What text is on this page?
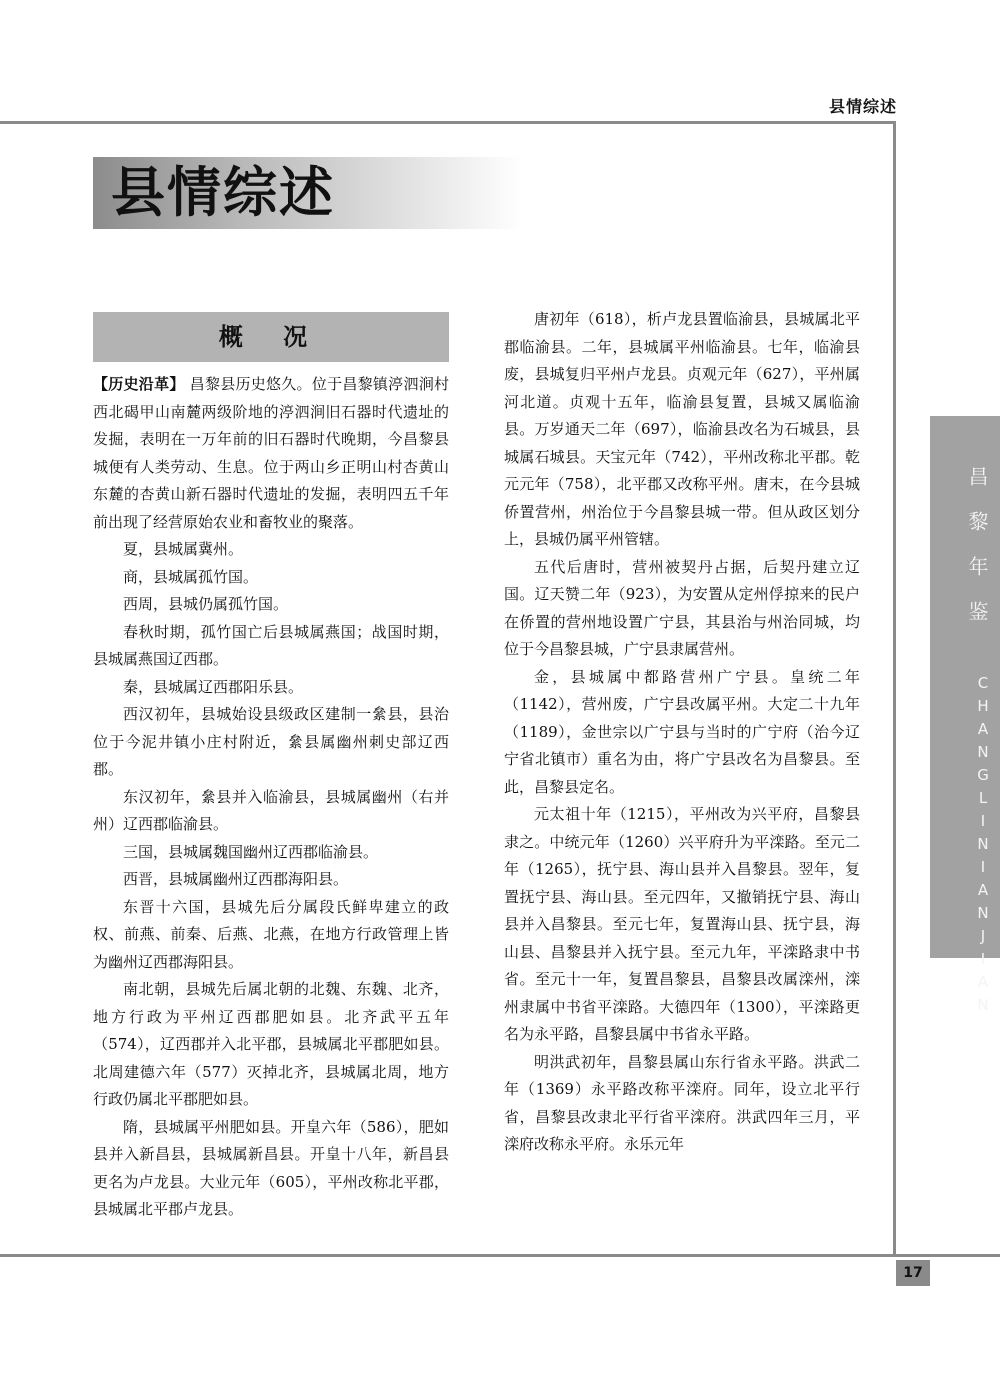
县情综述
县情综述
概 况

【历史沿革】 昌黎县历史悠久。位于昌黎镇渟泗涧村西北碣甲山南麓两级阶地的渟泗涧旧石器时代遗址的发掘，表明在一万年前的旧石器时代晚期，今昌黎县城便有人类劳动、生息。位于两山乡正明山村杏黄山东麓的杏黄山新石器时代遗址的发掘，表明四五千年前出现了经营原始农业和畜牧业的聚落。

夏，县城属冀州。

商，县城属孤竹国。

西周，县城仍属孤竹国。

春秋时期，孤竹国亡后县城属燕国；战国时期，县城属燕国辽西郡。

秦，县城属辽西郡阳乐县。

西汉初年，县城始设县级政区建制一絫县，县治位于今泥井镇小庄村附近，絫县属幽州刺史部辽西郡。

东汉初年，絫县并入临渝县，县城属幽州（右并州）辽西郡临渝县。

三国，县城属魏国幽州辽西郡临渝县。

西晋，县城属幽州辽西郡海阳县。

东晋十六国，县城先后分属段氏鲜卑建立的政权、前燕、前秦、后燕、北燕，在地方行政管理上皆为幽州辽西郡海阳县。

南北朝，县城先后属北朝的北魏、东魏、北齐，地方行政为平州辽西郡肥如县。北齐武平五年（574），辽西郡并入北平郡，县城属北平郡肥如县。北周建德六年（577）灭掉北齐，县城属北周，地方行政仍属北平郡肥如县。

隋，县城属平州肥如县。开皇六年（586），肥如县并入新昌县，县城属新昌县。开皇十八年，新昌县更名为卢龙县。大业元年（605），平州改称北平郡，县城属北平郡卢龙县。

唐初年（618），析卢龙县置临渝县，县城属北平郡临渝县。二年，县城属平州临渝县。七年，临渝县废，县城复归平州卢龙县。贞观元年（627），平州属河北道。贞观十五年，临渝县复置，县城又属临渝县。万岁通天二年（697），临渝县改名为石城县，县城属石城县。天宝元年（742），平州改称北平郡。乾元元年（758），北平郡又改称平州。唐末，在今县城侨置营州，州治位于今昌黎县城一带。但从政区划分上，县城仍属平州管辖。

五代后唐时，营州被契丹占据，后契丹建立辽国。辽天赞二年（923），为安置从定州俘掠来的民户在侨置的营州地设置广宁县，其县治与州治同城，均位于今昌黎县城，广宁县隶属营州。

金，县城属中都路营州广宁县。皇统二年（1142），营州废，广宁县改属平州。大定二十九年（1189），金世宗以广宁县与当时的广宁府（治今辽宁省北镇市）重名为由，将广宁县改名为昌黎县。至此，昌黎县定名。

元太祖十年（1215），平州改为兴平府，昌黎县隶之。中统元年（1260）兴平府升为平滦路。至元二年（1265），抚宁县、海山县并入昌黎县。翌年，复置抚宁县、海山县。至元四年，又撤销抚宁县、海山县并入昌黎县。至元七年，复置海山县、抚宁县，海山县、昌黎县并入抚宁县。至元九年，平滦路隶中书省。至元十一年，复置昌黎县，昌黎县改属滦州，滦州隶属中书省平滦路。大德四年（1300），平滦路更名为永平路，昌黎县属中书省永平路。

明洪武初年，昌黎县属山东行省永平路。洪武二年（1369）永平路改称平滦府。同年，设立北平行省，昌黎县改隶北平行省平滦府。洪武四年三月，平滦府改称永平府。永乐元年

昌黎年鉴
CHANGLINIANJIAN
17
